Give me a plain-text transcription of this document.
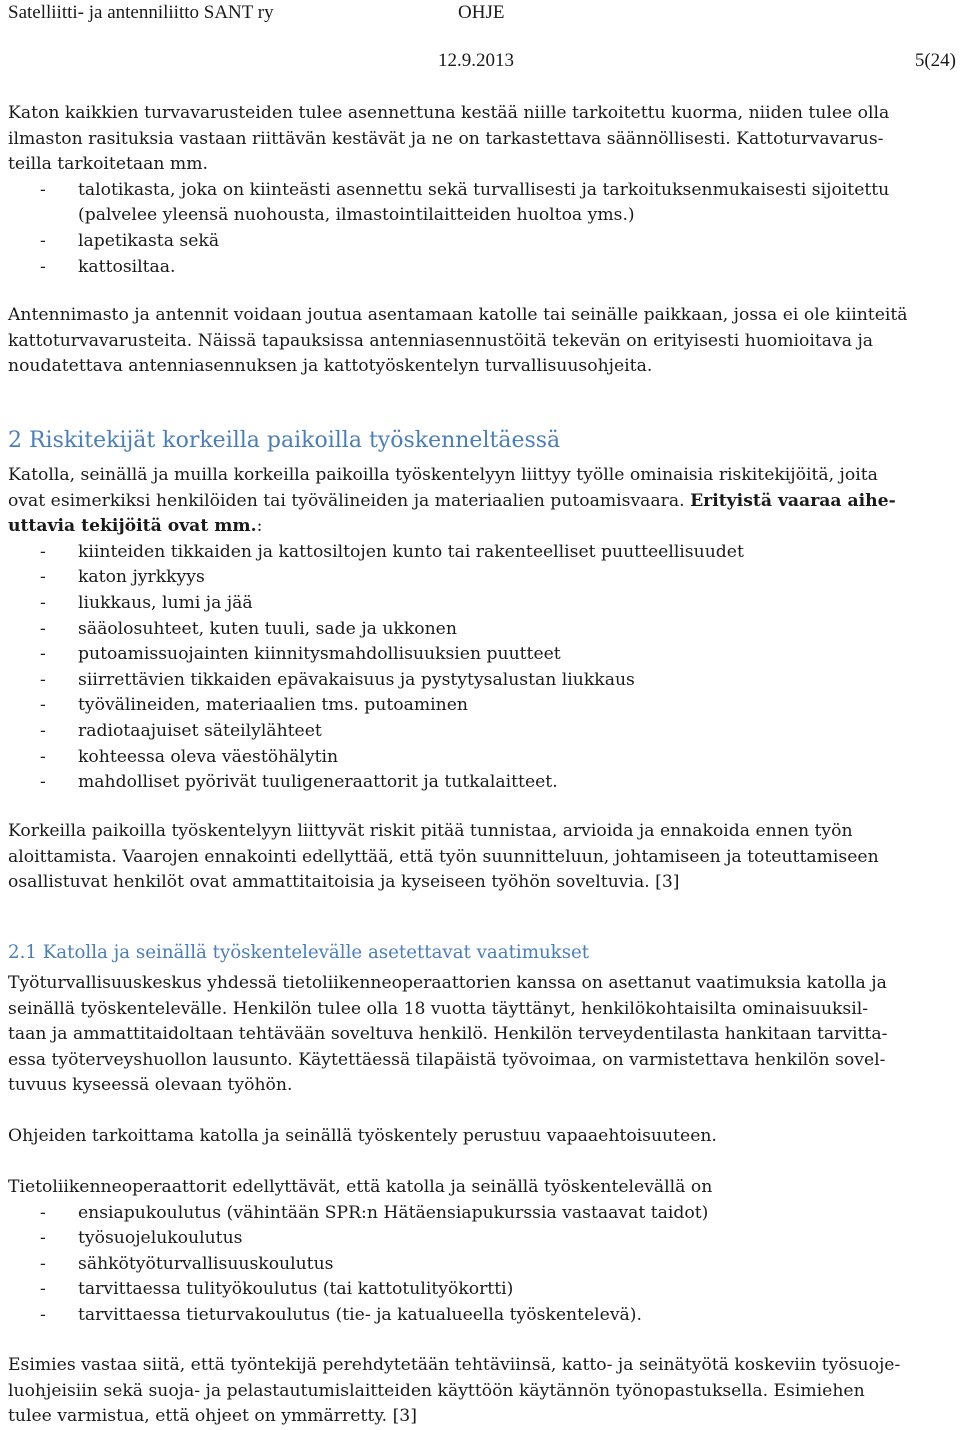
Satelliitti- ja antenniliitto SANT ry	OHJE
12.9.2013	5(24)
Katon kaikkien turvavarusteiden tulee asennettuna kestää niille tarkoitettu kuorma, niiden tulee olla
ilmaston rasituksia vastaan riittävän kestävät ja ne on tarkastettava säännöllisesti. Kattoturvavarus-
teilla tarkoitetaan mm.
- talotikasta, joka on kiinteästi asennettu sekä turvallisesti ja tarkoituksenmukaisesti sijoitettu
(palvelee yleensä nuohousta, ilmastointilaitteiden huoltoa yms.)
- lapetikasta sekä
- kattosiltaa.
Antennimasto ja antennit voidaan joutua asentamaan katolle tai seinälle paikkaan, jossa ei ole kiinteitä
kattoturvavarusteita. Näissä tapauksissa antenniasennustöitä tekevän on erityisesti huomioitava ja
noudatettava antenniasennuksen ja kattotyöskentelyn turvallisuusohjeita.
2 Riskitekijät korkeilla paikoilla työskenneltäessä
Katolla, seinällä ja muilla korkeilla paikoilla työskentelyyn liittyy työlle ominaisia riskitekijöitä, joita
ovat esimerkiksi henkilöiden tai työvälineiden ja materiaalien putoamisvaara. Erityistä vaaraa aihe-
uttavia tekijöitä ovat mm.:
- kiinteiden tikkaiden ja kattosiltojen kunto tai rakenteelliset puutteellisuudet
- katon jyrkkyys
- liukkaus, lumi ja jää
- sääolosuhteet, kuten tuuli, sade ja ukkonen
- putoamissuojainten kiinnitysmahdollisuuksien puutteet
- siirrettävien tikkaiden epävakaisuus ja pystytysalustan liukkaus
- työvälineiden, materiaalien tms. putoaminen
- radiotaajuiset säteilylähteet
- kohteessa oleva väestöhälytin
- mahdolliset pyörivät tuuligeneraattorit ja tutkalaitteet.
Korkeilla paikoilla työskentelyyn liittyvät riskit pitää tunnistaa, arvioida ja ennakoida ennen työn
aloittamista. Vaarojen ennakointi edellyttää, että työn suunnitteluun, johtamiseen ja toteuttamiseen
osallistuvat henkilöt ovat ammattitaitoisia ja kyseiseen työhön soveltuvia. [3]
2.1 Katolla ja seinällä työskentelevälle asetettavat vaatimukset
Työturvallisuuskeskus yhdessä tietoliikenneoperaattorien kanssa on asettanut vaatimuksia katolla ja
seinällä työskentelevälle. Henkilön tulee olla 18 vuotta täyttänyt, henkilökohtaisilta ominaisuuksil-
taan ja ammattitaidoltaan tehtävään soveltuva henkilö. Henkilön terveydentilasta hankitaan tarvitta-
essa työterveyshuollon lausunto. Käytettäessä tilapäistä työvoimaa, on varmistettava henkilön sovel-
tuvuus kyseessä olevaan työhön.
Ohjeiden tarkoittama katolla ja seinällä työskentely perustuu vapaaehtoisuuteen.
Tietoliikenneoperaattorit edellyttävät, että katolla ja seinällä työskentelevällä on
- ensiapukoulutus (vähintään SPR:n Hätäensiapukurssia vastaavat taidot)
- työsuojelukoulutus
- sähkötyöturvallisuuskoulutus
- tarvittaessa tulityökoulutus (tai kattotulityökortti)
- tarvittaessa tieturvakoulutus (tie- ja katualueella työskentelevä).
Esimies vastaa siitä, että työntekijä perehdytetään tehtäviinsä, katto- ja seinätyötä koskeviin työsuoje-
luohjeisiin sekä suoja- ja pelastautumislaitteiden käyttöön käytännön työnopastuksella. Esimiehen
tulee varmistua, että ohjeet on ymmärretty. [3]
